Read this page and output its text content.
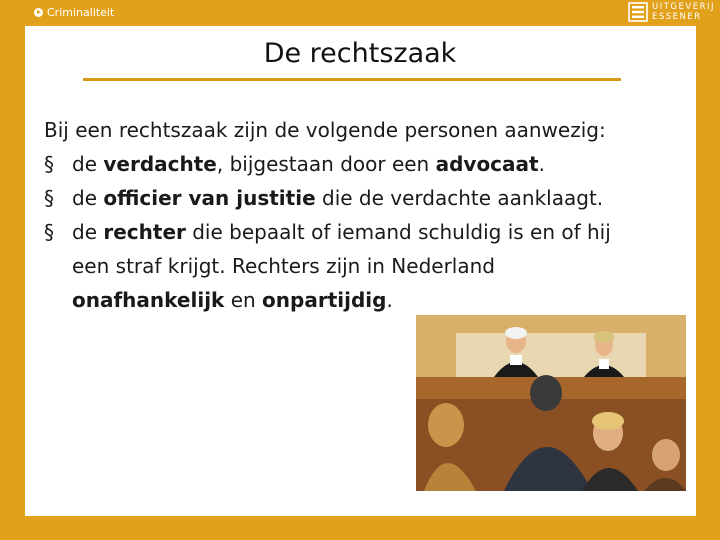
Criminaliteit	UITGEVERIJ
ESSENER
De rechtszaak
Bij een rechtszaak zijn de volgende personen aanwezig:
§ de verdachte, bijgestaan door een advocaat.
§ de officier van justitie die de verdachte aanklaagt.
§ de rechter die bepaalt of iemand schuldig is en of hij
een straf krijgt. Rechters zijn in Nederland
onafhankelijk en onpartijdig.
